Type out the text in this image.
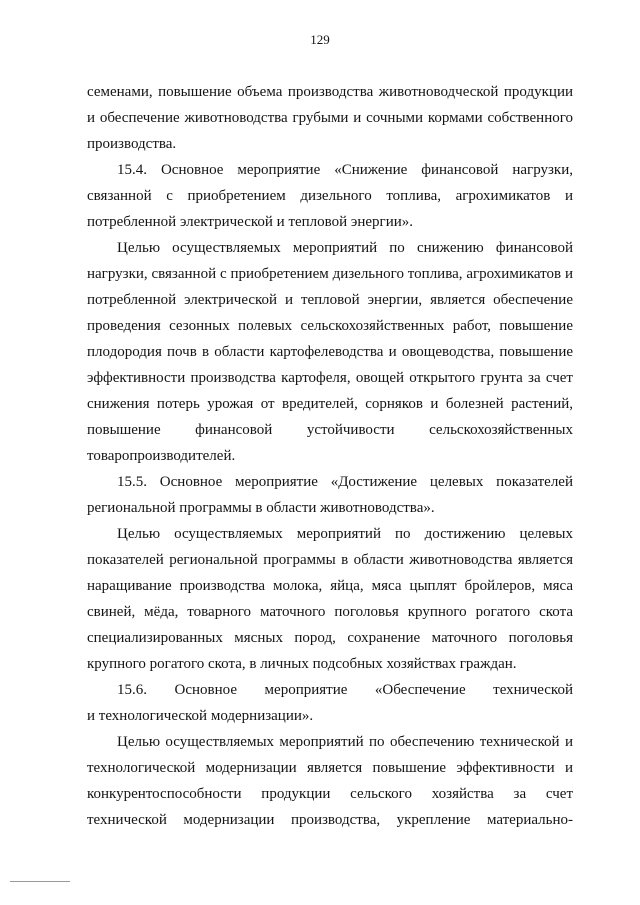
129

семенами, повышение объема производства животноводческой продукции
и обеспечение животноводства грубыми и сочными кормами собственного
производства.

15.4. Основное мероприятие «Снижение финансовой нагрузки,
связанной с приобретением дизельного топлива, агрохимикатов и
потребленной электрической и тепловой энергии».

Целью осуществляемых мероприятий по снижению финансовой
нагрузки, связанной с приобретением дизельного топлива, агрохимикатов и
потребленной электрической и тепловой энергии, является обеспечение
проведения сезонных полевых сельскохозяйственных работ, повышение
плодородия почв в области картофелеводства и овощеводства, повышение
эффективности производства картофеля, овощей открытого грунта за счет
снижения потерь урожая от вредителей, сорняков и болезней растений,
повышение финансовой устойчивости сельскохозяйственных
товаропроизводителей.

15.5. Основное мероприятие «Достижение целевых показателей
региональной программы в области животноводства».

Целью осуществляемых мероприятий по достижению целевых
показателей региональной программы в области животноводства является
наращивание производства молока, яйца, мяса цыплят бройлеров, мяса
свиней, мёда, товарного маточного поголовья крупного рогатого скота
специализированных мясных пород, сохранение маточного поголовья
крупного рогатого скота, в личных подсобных хозяйствах граждан.

15.6. Основное мероприятие «Обеспечение технической
и технологической модернизации».

Целью осуществляемых мероприятий по обеспечению технической и
технологической модернизации является повышение эффективности и
конкурентоспособности продукции сельского хозяйства за счет
технической модернизации производства, укрепление материально-
